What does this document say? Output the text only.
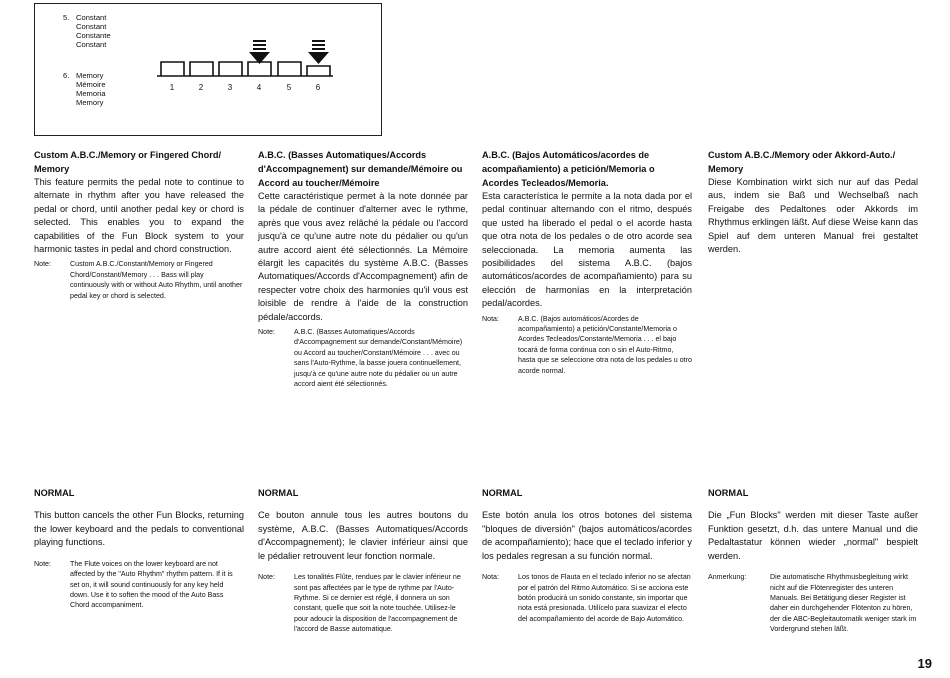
5. Constant
Constant
Constante
Constant
6. Memory
Mémoire
Memoria
Memory
1	2	3	4	5	6

Custom A.B.C./Memory or Fingered Chord/ Memory

This feature permits the pedal note to continue to alternate in rhythm after you have released the pedal or chord, until another pedal key or chord is selected. This enables you to expand the capabilities of the Fun Block system to your harmonic tastes in pedal and chord construction.

Note:	Custom A.B.C./Constant/Memory or Fingered Chord/Constant/Memory . . . Bass will play continuously with or without Auto Rhythm, until another pedal key or chord is selected.

NORMAL

This button cancels the other Fun Blocks, returning the lower keyboard and the pedals to conventional playing functions.

Note:	The Flute voices on the lower keyboard are not affected by the "Auto Rhythm" rhythm pattern. If it is set on, it will sound continuously for any key held down. Use it to soften the mood of the Auto Bass Chord accompaniment.

A.B.C. (Basses Automatiques/Accords d'Accompagnement) sur demande/Mémoire ou Accord au toucher/Mémoire

Cette caractéristique permet à la note donnée par la pédale de continuer d'alterner avec le rythme, après que vous avez relâché la pédale ou l'accord jusqu'à ce qu'une autre note du pédalier ou qu'un autre accord aient été sélectionnés. La Mémoire élargit les capacités du système A.B.C. (Basses Automatiques/Accords d'Accompagnement) afin de respecter votre choix des harmonies qu'il vous est loisible de rendre à l'aide de la construction pédale/accords.

Note:	A.B.C. (Basses Automatiques/Accords d'Accompagnement sur demande/Constant/Mémoire) ou Accord au toucher/Constant/Mémoire . . . avec ou sans l'Auto-Rythme, la basse jouera continuellement, jusqu'à ce qu'une autre note du pédalier ou un autre accord aient été sélectionnés.

NORMAL

Ce bouton annule tous les autres boutons du système, A.B.C. (Basses Automatiques/Accords d'Accompagnement); le clavier inférieur ainsi que le pédalier retrouvent leur fonction normale.

Note:	Les tonalités Flûte, rendues par le clavier inférieur ne sont pas affectées par le type de rythme par l'Auto-Rythme. Si ce dernier est réglé, il donnera un son constant, quelle que soit la note touchée. Utilisez-le pour adoucir la disposition de l'accompagnement de l'accord de Basse automatique.

A.B.C. (Bajos Automáticos/acordes de acompañamiento) a petición/Memoria o Acordes Tecleados/Memoria.

Esta característica le permite a la nota dada por el pedal continuar alternando con el ritmo, después que usted ha liberado el pedal o el acorde hasta que otra nota de los pedales o de otro acorde sea seleccionada. La memoria aumenta las posibilidades del sistema A.B.C. (bajos automáticos/acordes de acompañamiento) para su elección de harmonías en la interpretación pedal/acordes.

Nota:	A.B.C. (Bajos automáticos/Acordes de acompañamiento) a petición/Constante/Memoria o Acordes Tecleados/Constante/Memoria . . . el bajo tocará de forma continua con o sin el Auto-Ritmo, hasta que se seleccione otra nota de los pedales u otro acorde normal.

NORMAL

Este botón anula los otros botones del sistema "bloques de diversión" (bajos automáticos/acordes de acompañamiento); hace que el teclado inferior y los pedales regresan a su función normal.

Nota:	Los tonos de Flauta en el teclado inferior no se afectan por el patrón del Ritmo Automático. Si se acciona este botón producirá un sonido constante, sin importar que nota está presionada. Utilícelo para suavizar el efecto del acompañamiento del acorde de Bajo Automático.

Custom A.B.C./Memory oder Akkord-Auto./ Memory

Diese Kombination wirkt sich nur auf das Pedal aus, indem sie Baß und Wechselbaß nach Freigabe des Pedaltones oder Akkords im Rhythmus erklingen läßt. Auf diese Weise kann das Spiel auf dem unteren Manual frei gestaltet werden.

NORMAL

Die „Fun Blocks" werden mit dieser Taste außer Funktion gesetzt, d.h. das untere Manual und die Pedaltastatur können wieder „normal" bespielt werden.

Anmerkung:	Die automatische Rhythmusbegleitung wirkt nicht auf die Flötenregister des unteren Manuals. Bei Betätigung dieser Register ist daher ein durchgehender Flötenton zu hören, der die ABC-Begleitautomatik weniger stark im Vordergrund stehen läßt.
19
